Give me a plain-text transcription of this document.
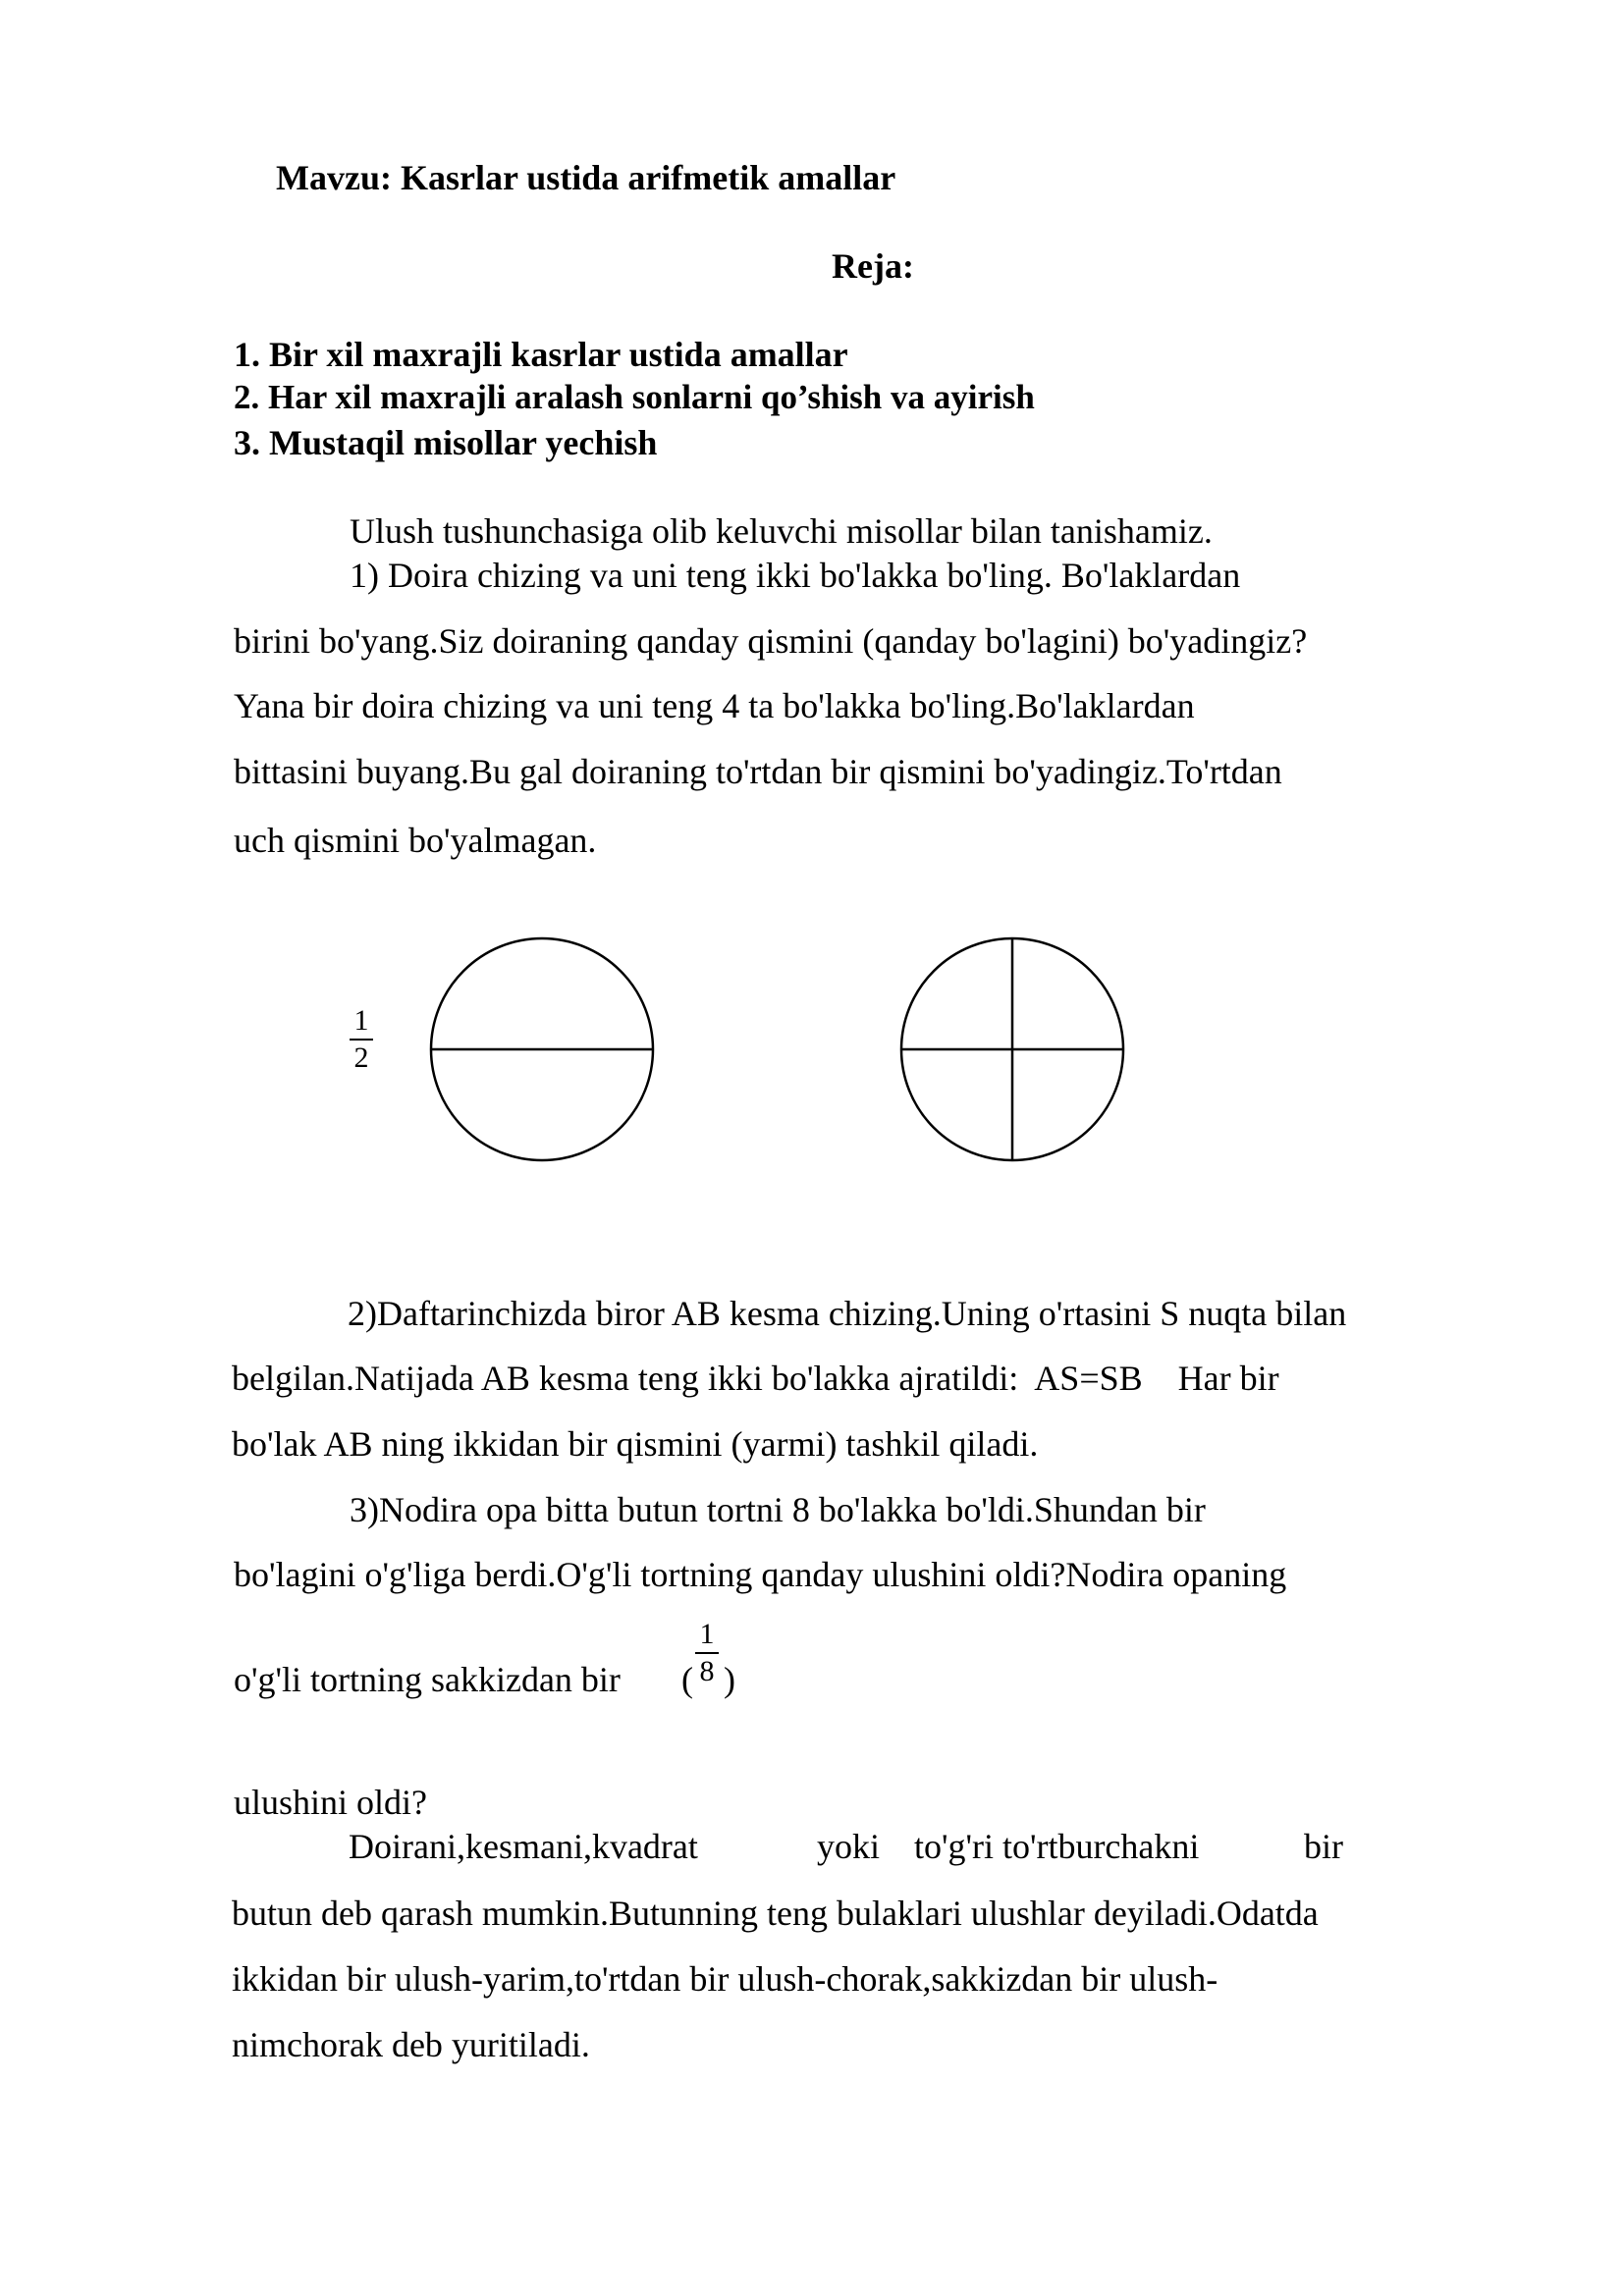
Mavzu: Kasrlar ustida arifmetik amallar
Reja:
1. Bir xil maxrajli kasrlar ustida amallar
2. Har xil maxrajli aralash sonlarni qo’shish va ayirish
3. Mustaqil misollar yechish
Ulush tushunchasiga olib keluvchi misollar bilan tanishamiz.
1) Doira chizing va uni teng ikki bo'lakka bo'ling. Bo'laklardan
birini bo'yang.Siz doiraning qanday qismini (qanday bo'lagini) bo'yadingiz?
Yana bir doira chizing va uni teng 4 ta bo'lakka bo'ling.Bo'laklardan
bittasini buyang.Bu gal doiraning to'rtdan bir qismini bo'yadingiz.To'rtdan
uch qismini bo'yalmagan.
1
2
2)Daftarinchizda biror AB kesma chizing.Uning o'rtasini S nuqta bilan
belgilan.Natijada AB kesma teng ikki bo'lakka ajratildi:  AS=SB    Har bir
bo'lak AB ning ikkidan bir qismini (yarmi) tashkil qiladi.
3)Nodira opa bitta butun tortni 8 bo'lakka bo'ldi.Shundan bir
bo'lagini o'g'liga berdi.O'g'li tortning qanday ulushini oldi?Nodira opaning
o'g'li tortning sakkizdan bir (
1
8 )
ulushini oldi?
Doirani,kesmani,kvadrat	yoki to'g'ri to'rtburchakni	bir
butun deb qarash mumkin.Butunning teng bulaklari ulushlar deyiladi.Odatda
ikkidan bir ulush-yarim,to'rtdan bir ulush-chorak,sakkizdan bir ulush-
nimchorak deb yuritiladi.
